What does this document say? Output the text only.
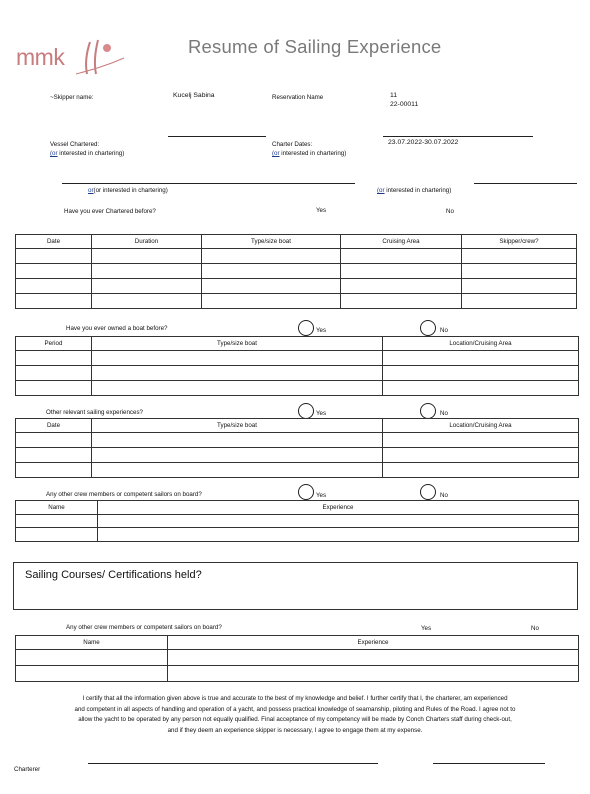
mmk	Resume of Sailing Experience
~Skipper name:	Kucelj Sabina	Reservation Name	11
22-00011
Vessel Chartered:
(or interested in chartering)
Charter Dates:	23.07.2022-30.07.2022
(or interested in chartering)
or(or interested in chartering)	(or interested in chartering)
Have you ever Chartered before?	Yes	No
Date	Duration	Type/size boat	Cruising Area	Skipper/crew?

Have you ever owned a boat before?	Yes	No
Period	Type/size boat	Location/Cruising Area

Other relevant sailing experiences?	Yes	No
Date	Type/size boat	Location/Cruising Area

Any other crew members or competent sailors on board?	Yes	No
Name	Experience

Sailing Courses/ Certifications held?
Any other crew members or competent sailors on board?	Yes	No
Name	Experience

I certify that all the information given above is true and accurate to the best of my knowledge and belief. I further certify that I, the charterer, am experienced
and competent in all aspects of handling and operation of a yacht, and possess practical knowledge of seamanship, piloting and Rules of the Road. I agree not to
allow the yacht to be operated by any person not equally qualified. Final acceptance of my competency will be made by Conch Charters staff during check-out,
and if they deem an experience skipper is necessary, I agree to engage them at my expense.
Charterer
